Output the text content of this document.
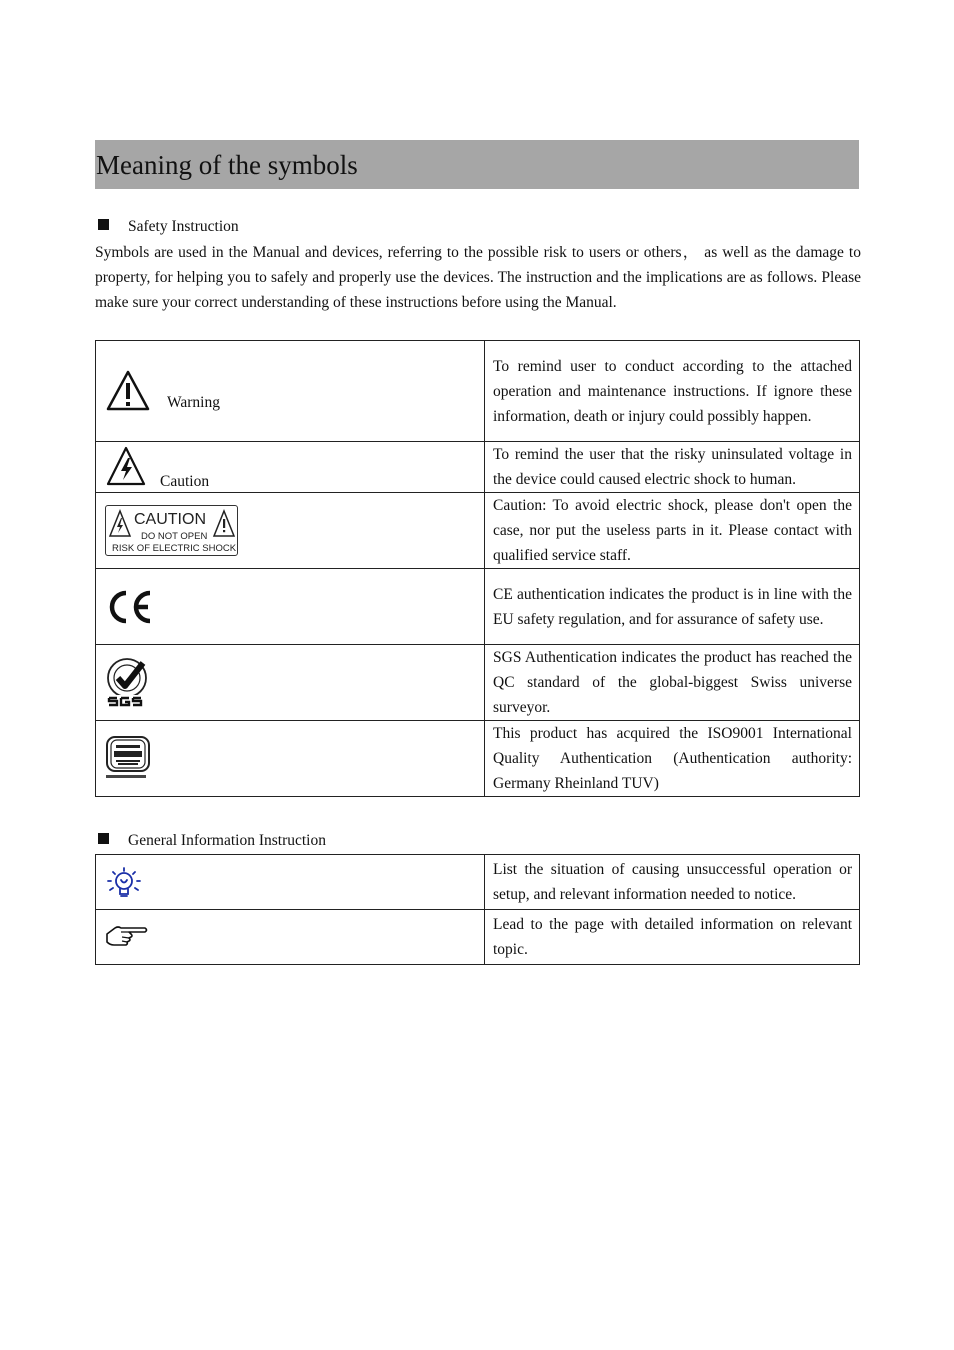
Meaning of the symbols
Safety Instruction

Symbols are used in the Manual and devices, referring to the possible risk to users or others， as well as the damage to property, for helping you to safely and properly use the devices. The instruction and the implications are as follows. Please make sure your correct understanding of these instructions before using the Manual.

Warning	To remind user to conduct according to the attached operation and maintenance instructions. If ignore these information, death or injury could possibly happen.

Caution	To remind the user that the risky uninsulated voltage in the device could caused electric shock to human.

CAUTION
DO NOT OPEN
RISK OF ELECTRIC SHOCK	Caution: To avoid electric shock, please don't open the case, nor put the useless parts in it. Please contact with qualified service staff.

	CE authentication indicates the product is in line with the EU safety regulation, and for assurance of safety use.

	SGS Authentication indicates the product has reached the QC standard of the global-biggest Swiss universe surveyor.

	This product has acquired the ISO9001 International Quality Authentication (Authentication authority: Germany Rheinland TUV)
General Information Instruction
	List the situation of causing unsuccessful operation or setup, and relevant information needed to notice.

	Lead to the page with detailed information on relevant topic.
